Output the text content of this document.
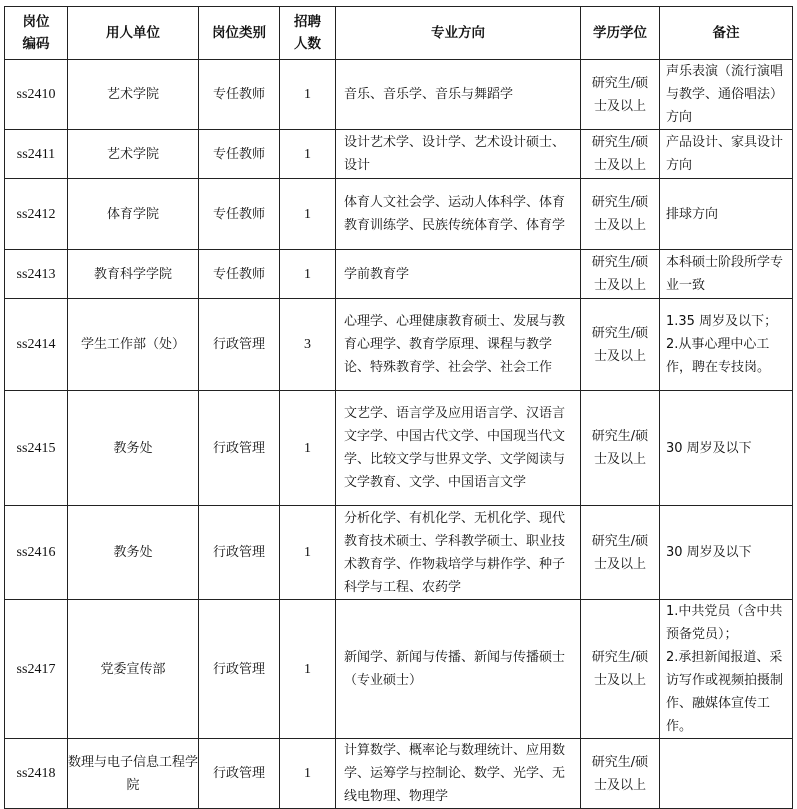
岗位编码	用人单位	岗位类别	招聘人数	专业方向	学历学位	备注
ss2410	艺术学院	专任教师	1	音乐、音乐学、音乐与舞蹈学	研究生/硕
士及以上	声乐表演（流行演唱与教学、通俗唱法）方向
ss2411	艺术学院	专任教师	1	设计艺术学、设计学、艺术设计硕士、设计	研究生/硕
士及以上	产品设计、家具设计方向
ss2412	体育学院	专任教师	1	体育人文社会学、运动人体科学、体育教育训练学、民族传统体育学、体育学	研究生/硕
士及以上	排球方向
ss2413	教育科学学院	专任教师	1	学前教育学	研究生/硕
士及以上	本科硕士阶段所学专业一致
ss2414	学生工作部（处）	行政管理	3	心理学、心理健康教育硕士、发展与教育心理学、教育学原理、课程与教学论、特殊教育学、社会学、社会工作	研究生/硕
士及以上	1.35 周岁及以下；
2.从事心理中心工作，聘在专技岗。

ss2415	教务处	行政管理	1	文艺学、语言学及应用语言学、汉语言文字学、中国古代文学、中国现当代文学、比较文学与世界文学、文学阅读与文学教育、文学、中国语言文学	研究生/硕
士及以上	30 周岁及以下
ss2416	教务处	行政管理	1	分析化学、有机化学、无机化学、现代教育技术硕士、学科教学硕士、职业技术教育学、作物栽培学与耕作学、种子科学与工程、农药学	研究生/硕
士及以上	30 周岁及以下
ss2417	党委宣传部	行政管理	1	新闻学、新闻与传播、新闻与传播硕士（专业硕士）	研究生/硕
士及以上	1.中共党员（含中共预备党员）；
2.承担新闻报道、采访写作或视频拍摄制作、融媒体宣传工作。

ss2418	数理与电子信息工程学院	行政管理	1	计算数学、概率论与数理统计、应用数学、运筹学与控制论、数学、光学、无线电物理、物理学	研究生/硕
士及以上	
